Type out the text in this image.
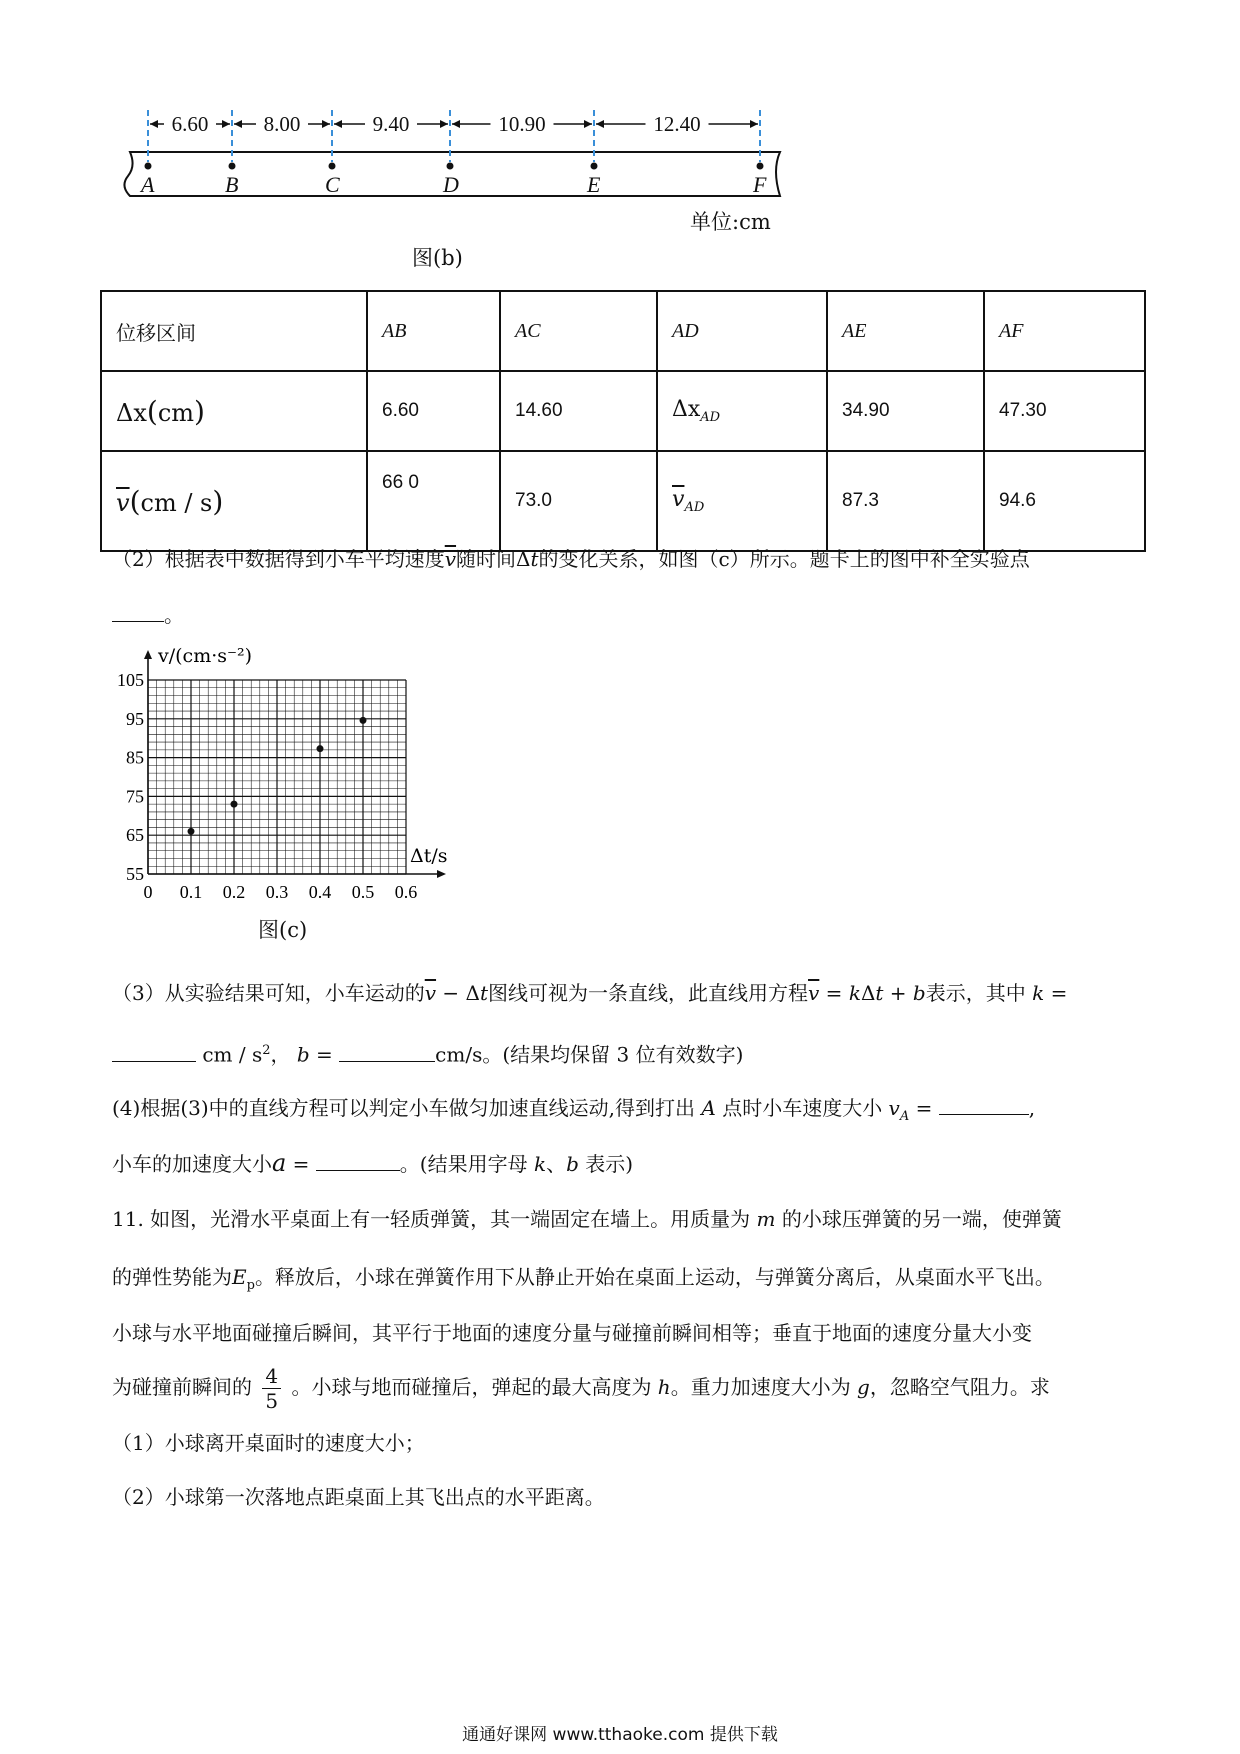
A	B	C	D	E	F
6.60	8.00	9.40	10.90	12.40
单位:cm
图(b)
位移区间	AB	AC	AD	AE	AF
Δx(cm)	6.60	14.60	$\Delta x_{AD}$	34.90	47.30
$\overline{v}(cm / s)$	66 0	73.0	$\overline{v}_{AD}$	87.3	94.6
（2）根据表中数据得到小车平均速度$\overline{v}$随时间Δt的变化关系，如图（c）所示。题卡上的图中补全实验点
。
0 0.1 0.2 0.3 0.4 0.5 0.6
55
65
75
85
95
105
v/(cm·s⁻²)
Δt/s
图(c)
（3）从实验结果可知，小车运动的$\overline{v} - \Delta t$图线可视为一条直线，此直线用方程$\overline{v} = k\Delta t + b$表示，其中 k =
cm / $s^2$， b =	cm/s。(结果均保留 3 位有效数字)
(4)根据(3)中的直线方程可以判定小车做匀加速直线运动,得到打出 A 点时小车速度大小 $v_A$ =	,
小车的加速度大小a =	。(结果用字母 k、b 表示)
11. 如图，光滑水平桌面上有一轻质弹簧，其一端固定在墙上。用质量为 m 的小球压弹簧的另一端，使弹簧
的弹性势能为$E_p$。释放后，小球在弹簧作用下从静止开始在桌面上运动，与弹簧分离后，从桌面水平飞出。
小球与水平地面碰撞后瞬间，其平行于地面的速度分量与碰撞前瞬间相等；垂直于地面的速度分量大小变
为碰撞前瞬间的 $\frac{4}{5}$ 。小球与地而碰撞后，弹起的最大高度为 h。重力加速度大小为 g，忽略空气阻力。求
（1）小球离开桌面时的速度大小；
（2）小球第一次落地点距桌面上其飞出点的水平距离。
通通好课网 www.tthaoke.com 提供下载
